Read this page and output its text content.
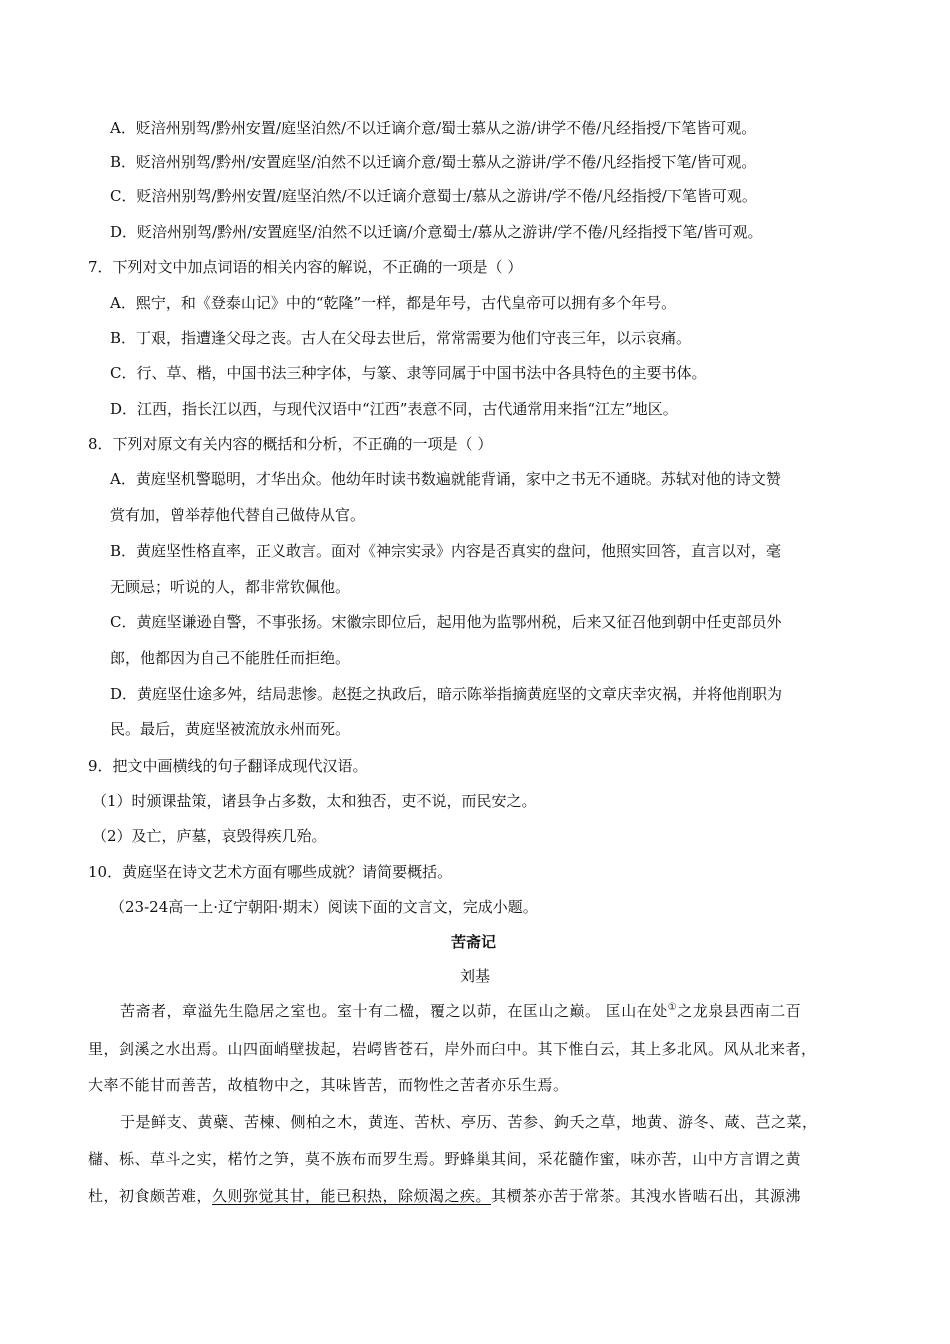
A．贬涪州别驾/黔州安置/庭坚泊然/不以迁谪介意/蜀士慕从之游/讲学不倦/凡经指授/下笔皆可观。
B．贬涪州别驾/黔州/安置庭坚/泊然不以迁谪介意/蜀士慕从之游讲/学不倦/凡经指授下笔/皆可观。
C．贬涪州别驾/黔州安置/庭坚泊然/不以迁谪介意蜀士/慕从之游讲/学不倦/凡经指授/下笔皆可观。
D．贬涪州别驾/黔州/安置庭坚/泊然不以迁谪/介意蜀士/慕从之游讲/学不倦/凡经指授下笔/皆可观。
7．下列对文中加点词语的相关内容的解说，不正确的一项是（ ）
A．熙宁，和《登泰山记》中的“乾隆”一样，都是年号，古代皇帝可以拥有多个年号。
B．丁艰，指遭逢父母之丧。古人在父母去世后，常常需要为他们守丧三年，以示哀痛。
C．行、草、楷，中国书法三种字体，与篆、隶等同属于中国书法中各具特色的主要书体。
D．江西，指长江以西，与现代汉语中“江西”表意不同，古代通常用来指“江左”地区。
8．下列对原文有关内容的概括和分析，不正确的一项是（ ）
A．黄庭坚机警聪明，才华出众。他幼年时读书数遍就能背诵，家中之书无不通晓。苏轼对他的诗文赞
赏有加，曾举荐他代替自己做侍从官。
B．黄庭坚性格直率，正义敢言。面对《神宗实录》内容是否真实的盘问，他照实回答，直言以对，毫
无顾忌；听说的人，都非常钦佩他。
C．黄庭坚谦逊自警，不事张扬。宋徽宗即位后，起用他为监鄂州税，后来又征召他到朝中任吏部员外
郎，他都因为自己不能胜任而拒绝。
D．黄庭坚仕途多舛，结局悲惨。赵挺之执政后，暗示陈举指摘黄庭坚的文章庆幸灾祸，并将他削职为
民。最后，黄庭坚被流放永州而死。
9．把文中画横线的句子翻译成现代汉语。
（1）时颁课盐策，诸县争占多数，太和独否，吏不说，而民安之。
（2）及亡，庐墓，哀毁得疾几殆。
10．黄庭坚在诗文艺术方面有哪些成就？请简要概括。
（23-24高一上·辽宁朝阳·期末）阅读下面的文言文，完成小题。
苦斋记
刘基
苦斋者，章溢先生隐居之室也。室十有二楹，覆之以茆，在匡山之巅。 匡山在处①之龙泉县西南二百
里，剑溪之水出焉。山四面峭壁拔起，岩崿皆苍石，岸外而臼中。其下惟白云，其上多北风。风从北来者，
大率不能甘而善苦，故植物中之，其味皆苦，而物性之苦者亦乐生焉。
于是鲜支、黄蘗、苦楝、侧柏之木，黄连、苦杕、亭历、苦参、鉤夭之草，地黄、游冬、葴、芑之菜，
櫧、栎、草斗之实，楉竹之笋，莫不族布而罗生焉。野蜂巢其间，采花髓作蜜，味亦苦，山中方言谓之黄
杜，初食颇苦难，久则弥觉其甘，能已积热，除烦渴之疾。其槚茶亦苦于常茶。其洩水皆啮石出，其源沸
